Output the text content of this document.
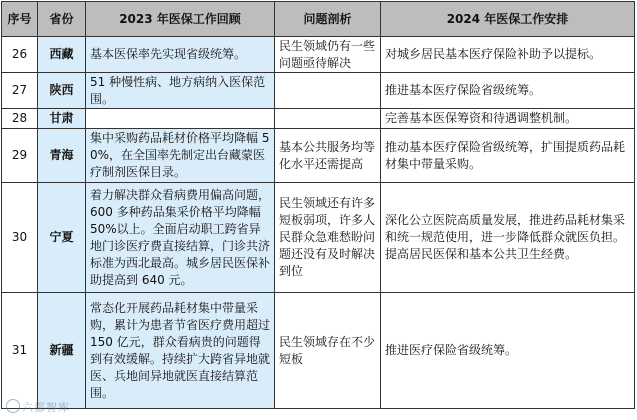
序号	省份	2023 年医保工作回顾	问题剖析	2024 年医保工作安排
26	西藏	基本医保率先实现省级统筹。	民生领域仍有一些问题亟待解决	对城乡居民基本医疗保险补助予以提标。
27	陕西	51 种慢性病、地方病纳入医保范围。		推进基本医疗保险省级统筹。
28	甘肃			完善基本医保筹资和待遇调整机制。
29	青海	集中采购药品耗材价格平均降幅 50%，在全国率先制定出台藏蒙医疗制剂医保目录。	基本公共服务均等化水平还需提高	推动基本医疗保险省级统筹，扩围提质药品耗材集中带量采购。
30	宁夏	着力解决群众看病费用偏高问题，600 多种药品集采价格平均降幅 50%以上。全面启动职工跨省异地门诊医疗费直接结算，门诊共济标准为西北最高。城乡居民医保补助提高到 640 元。	民生领域还有许多短板弱项，许多人民群众急难愁盼问题还没有及时解决到位	深化公立医院高质量发展，推进药品耗材集采和统一规范使用，进一步降低群众就医负担。提高居民医保和基本公共卫生经费。
31	新疆	常态化开展药品耗材集中带量采购，累计为患者节省医疗费用超过 150 亿元，群众看病贵的问题得到有效缓解。持续扩大跨省异地就医、兵地间异地就医直接结算范围。	民生领域存在不少短板	推进医疗保险省级统筹。
六都智库
